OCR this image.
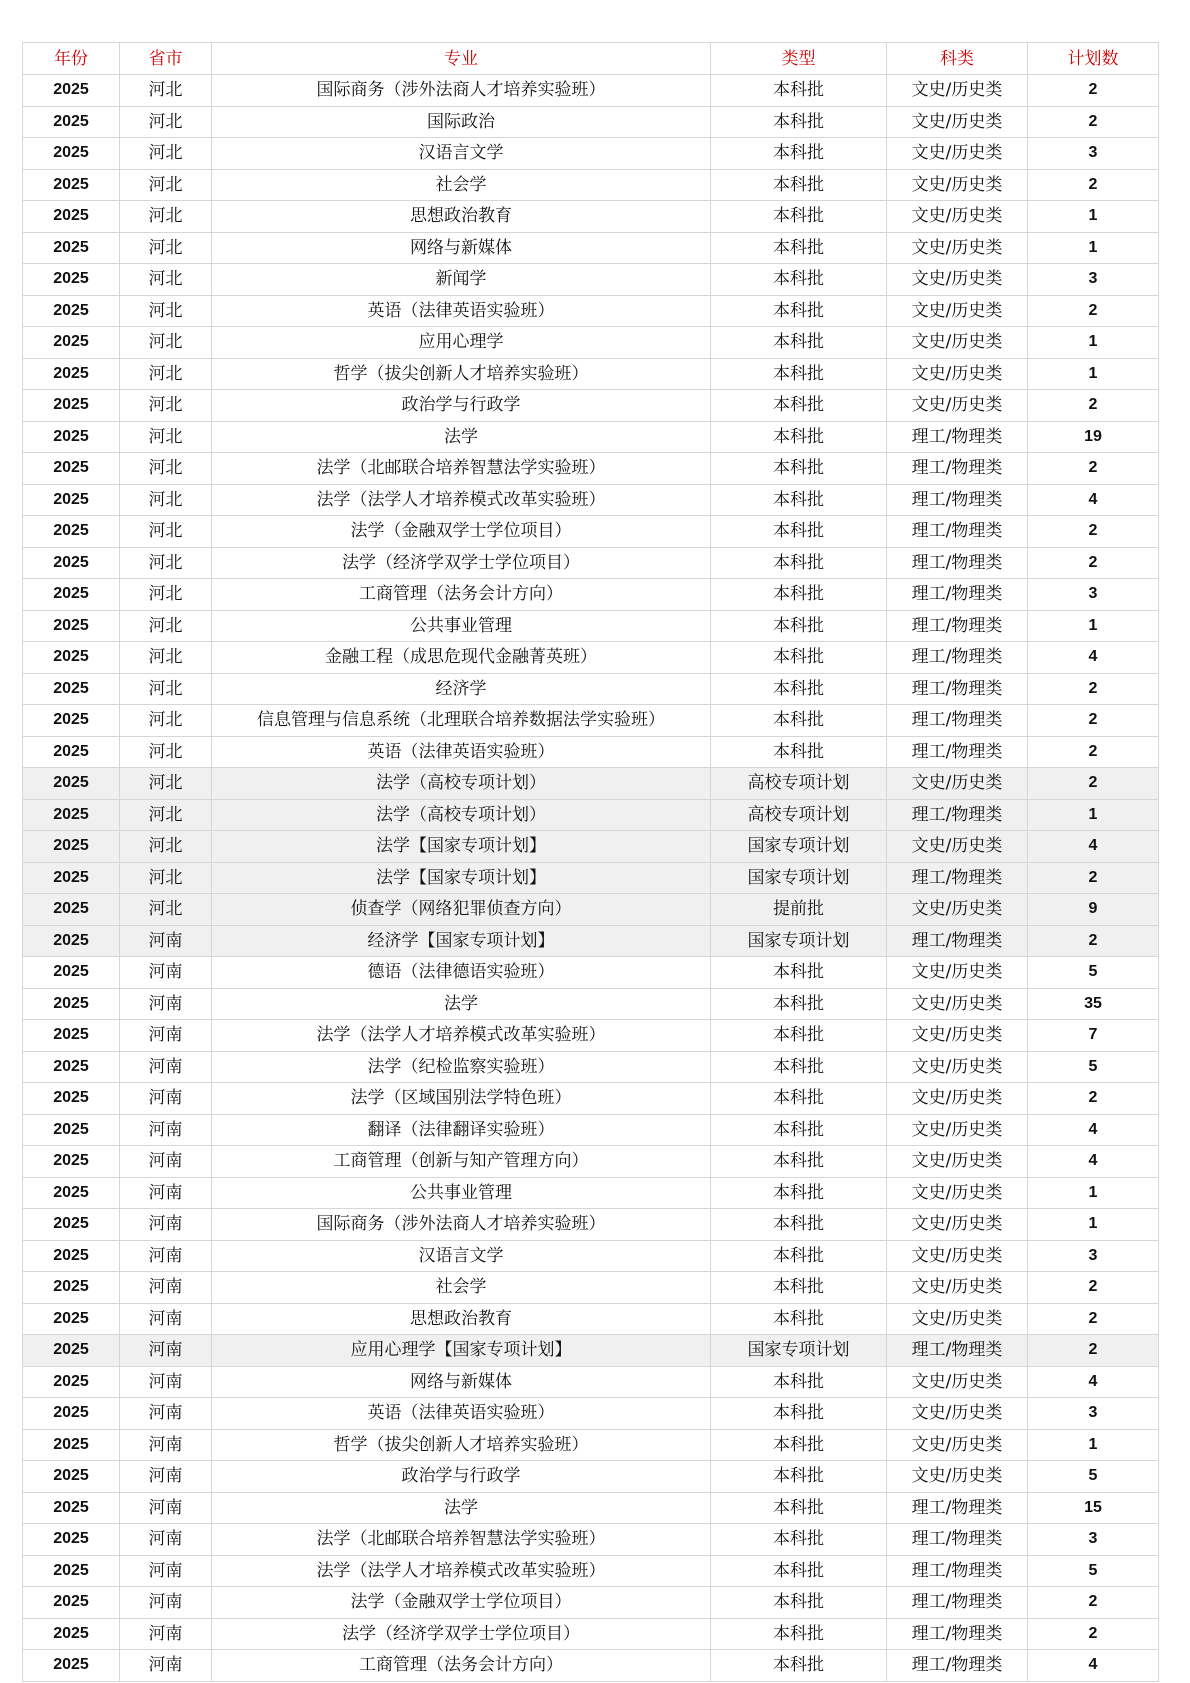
年份	省市	专业	类型	科类	计划数
2025	河北	国际商务（涉外法商人才培养实验班）	本科批	文史/历史类	2
2025	河北	国际政治	本科批	文史/历史类	2
2025	河北	汉语言文学	本科批	文史/历史类	3
2025	河北	社会学	本科批	文史/历史类	2
2025	河北	思想政治教育	本科批	文史/历史类	1
2025	河北	网络与新媒体	本科批	文史/历史类	1
2025	河北	新闻学	本科批	文史/历史类	3
2025	河北	英语（法律英语实验班）	本科批	文史/历史类	2
2025	河北	应用心理学	本科批	文史/历史类	1
2025	河北	哲学（拔尖创新人才培养实验班）	本科批	文史/历史类	1
2025	河北	政治学与行政学	本科批	文史/历史类	2
2025	河北	法学	本科批	理工/物理类	19
2025	河北	法学（北邮联合培养智慧法学实验班）	本科批	理工/物理类	2
2025	河北	法学（法学人才培养模式改革实验班）	本科批	理工/物理类	4
2025	河北	法学（金融双学士学位项目）	本科批	理工/物理类	2
2025	河北	法学（经济学双学士学位项目）	本科批	理工/物理类	2
2025	河北	工商管理（法务会计方向）	本科批	理工/物理类	3
2025	河北	公共事业管理	本科批	理工/物理类	1
2025	河北	金融工程（成思危现代金融菁英班）	本科批	理工/物理类	4
2025	河北	经济学	本科批	理工/物理类	2
2025	河北	信息管理与信息系统（北理联合培养数据法学实验班）	本科批	理工/物理类	2
2025	河北	英语（法律英语实验班）	本科批	理工/物理类	2
2025	河北	法学（高校专项计划）	高校专项计划	文史/历史类	2
2025	河北	法学（高校专项计划）	高校专项计划	理工/物理类	1
2025	河北	法学【国家专项计划】	国家专项计划	文史/历史类	4
2025	河北	法学【国家专项计划】	国家专项计划	理工/物理类	2
2025	河北	侦查学（网络犯罪侦查方向）	提前批	文史/历史类	9
2025	河南	经济学【国家专项计划】	国家专项计划	理工/物理类	2
2025	河南	德语（法律德语实验班）	本科批	文史/历史类	5
2025	河南	法学	本科批	文史/历史类	35
2025	河南	法学（法学人才培养模式改革实验班）	本科批	文史/历史类	7
2025	河南	法学（纪检监察实验班）	本科批	文史/历史类	5
2025	河南	法学（区域国别法学特色班）	本科批	文史/历史类	2
2025	河南	翻译（法律翻译实验班）	本科批	文史/历史类	4
2025	河南	工商管理（创新与知产管理方向）	本科批	文史/历史类	4
2025	河南	公共事业管理	本科批	文史/历史类	1
2025	河南	国际商务（涉外法商人才培养实验班）	本科批	文史/历史类	1
2025	河南	汉语言文学	本科批	文史/历史类	3
2025	河南	社会学	本科批	文史/历史类	2
2025	河南	思想政治教育	本科批	文史/历史类	2
2025	河南	应用心理学【国家专项计划】	国家专项计划	理工/物理类	2
2025	河南	网络与新媒体	本科批	文史/历史类	4
2025	河南	英语（法律英语实验班）	本科批	文史/历史类	3
2025	河南	哲学（拔尖创新人才培养实验班）	本科批	文史/历史类	1
2025	河南	政治学与行政学	本科批	文史/历史类	5
2025	河南	法学	本科批	理工/物理类	15
2025	河南	法学（北邮联合培养智慧法学实验班）	本科批	理工/物理类	3
2025	河南	法学（法学人才培养模式改革实验班）	本科批	理工/物理类	5
2025	河南	法学（金融双学士学位项目）	本科批	理工/物理类	2
2025	河南	法学（经济学双学士学位项目）	本科批	理工/物理类	2
2025	河南	工商管理（法务会计方向）	本科批	理工/物理类	4
